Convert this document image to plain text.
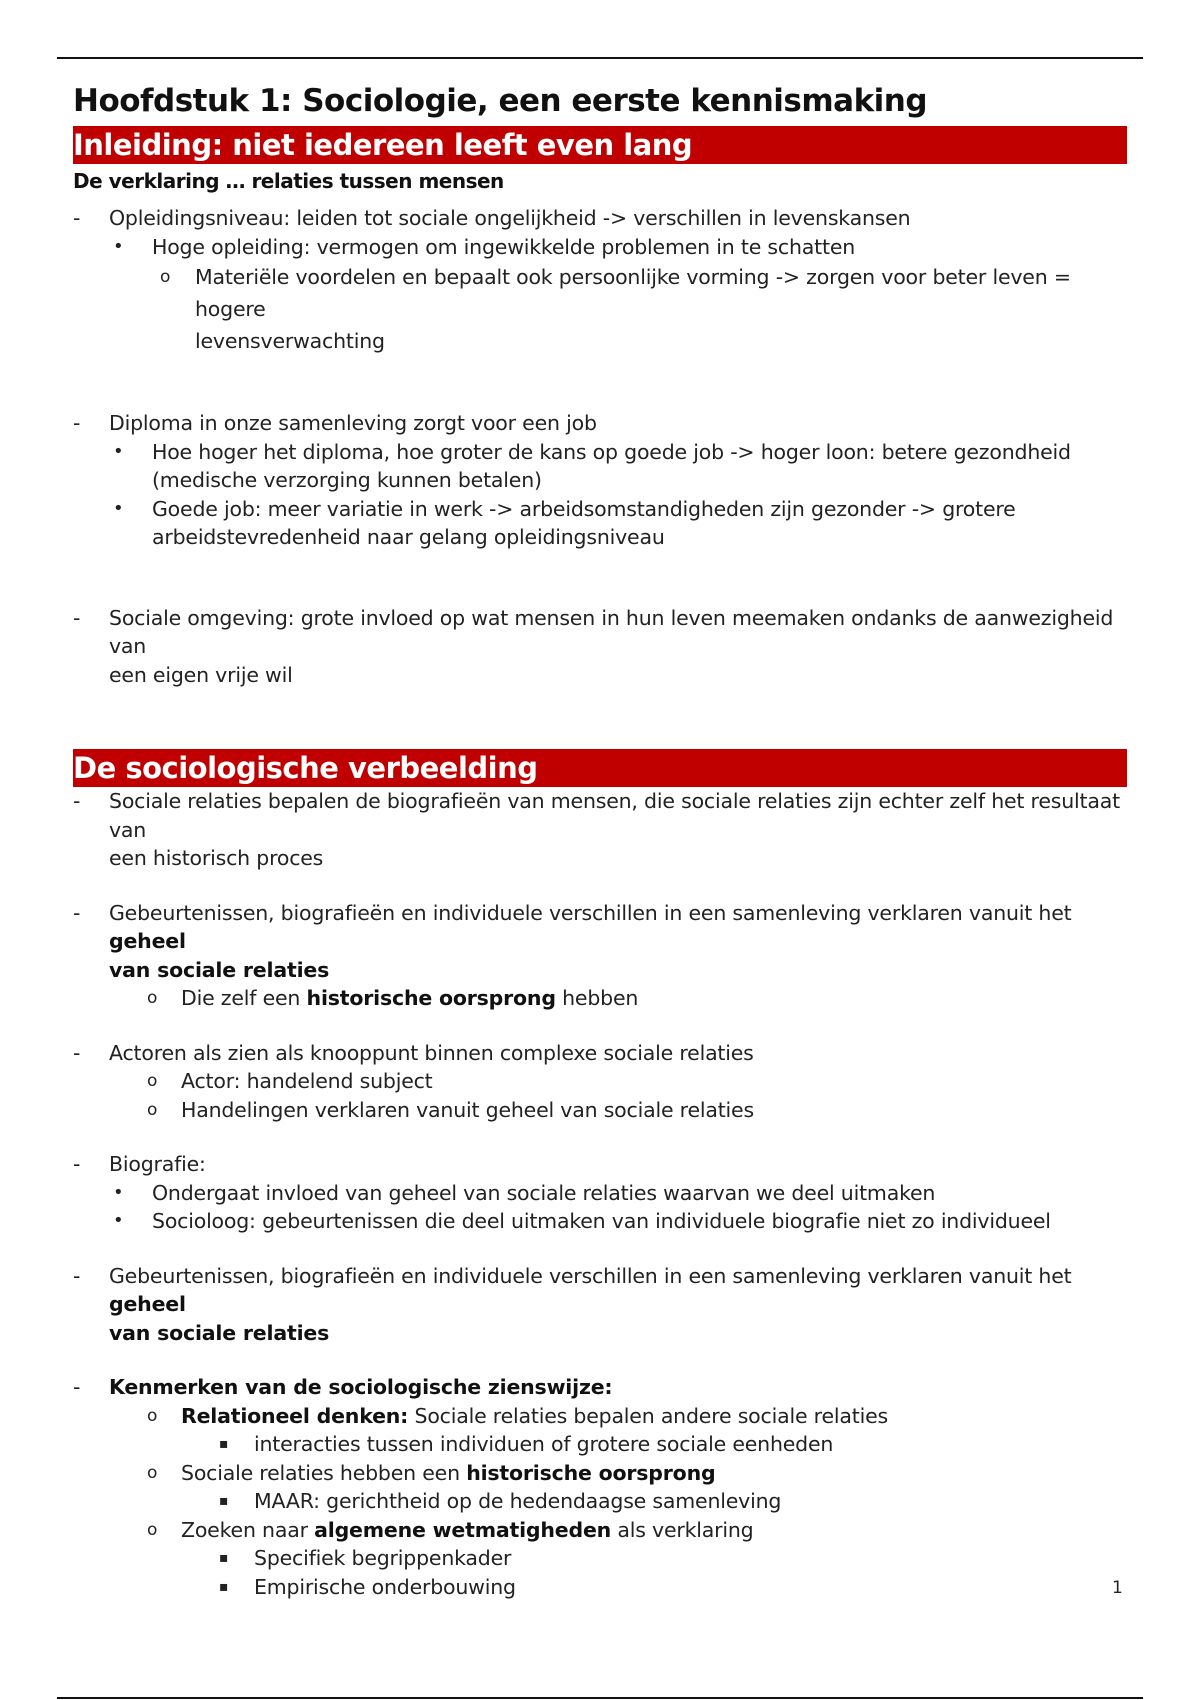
Hoofdstuk 1: Sociologie, een eerste kennismaking
Inleiding: niet iedereen leeft even lang
De verklaring … relaties tussen mensen
- Opleidingsniveau: leiden tot sociale ongelijkheid -> verschillen in levenskansen
• Hoge opleiding: vermogen om ingewikkelde problemen in te schatten
o Materiële voordelen en bepaalt ook persoonlijke vorming -> zorgen voor beter leven = hogere
levensverwachting
- Diploma in onze samenleving zorgt voor een job
• Hoe hoger het diploma, hoe groter de kans op goede job -> hoger loon: betere gezondheid
(medische verzorging kunnen betalen)
• Goede job: meer variatie in werk -> arbeidsomstandigheden zijn gezonder -> grotere
arbeidstevredenheid naar gelang opleidingsniveau
- Sociale omgeving: grote invloed op wat mensen in hun leven meemaken ondanks de aanwezigheid van
een eigen vrije wil
De sociologische verbeelding
- Sociale relaties bepalen de biografieën van mensen, die sociale relaties zijn echter zelf het resultaat van
een historisch proces
- Gebeurtenissen, biografieën en individuele verschillen in een samenleving verklaren vanuit het geheel
van sociale relaties
o Die zelf een historische oorsprong hebben
- Actoren als zien als knooppunt binnen complexe sociale relaties
o Actor: handelend subject
o Handelingen verklaren vanuit geheel van sociale relaties
- Biografie:
• Ondergaat invloed van geheel van sociale relaties waarvan we deel uitmaken
• Socioloog: gebeurtenissen die deel uitmaken van individuele biografie niet zo individueel
- Gebeurtenissen, biografieën en individuele verschillen in een samenleving verklaren vanuit het geheel
van sociale relaties
- Kenmerken van de sociologische zienswijze:
o Relationeel denken: Sociale relaties bepalen andere sociale relaties
▪ interacties tussen individuen of grotere sociale eenheden
o Sociale relaties hebben een historische oorsprong
▪ MAAR: gerichtheid op de hedendaagse samenleving
o Zoeken naar algemene wetmatigheden als verklaring
▪ Specifiek begrippenkader
▪ Empirische onderbouwing	1
